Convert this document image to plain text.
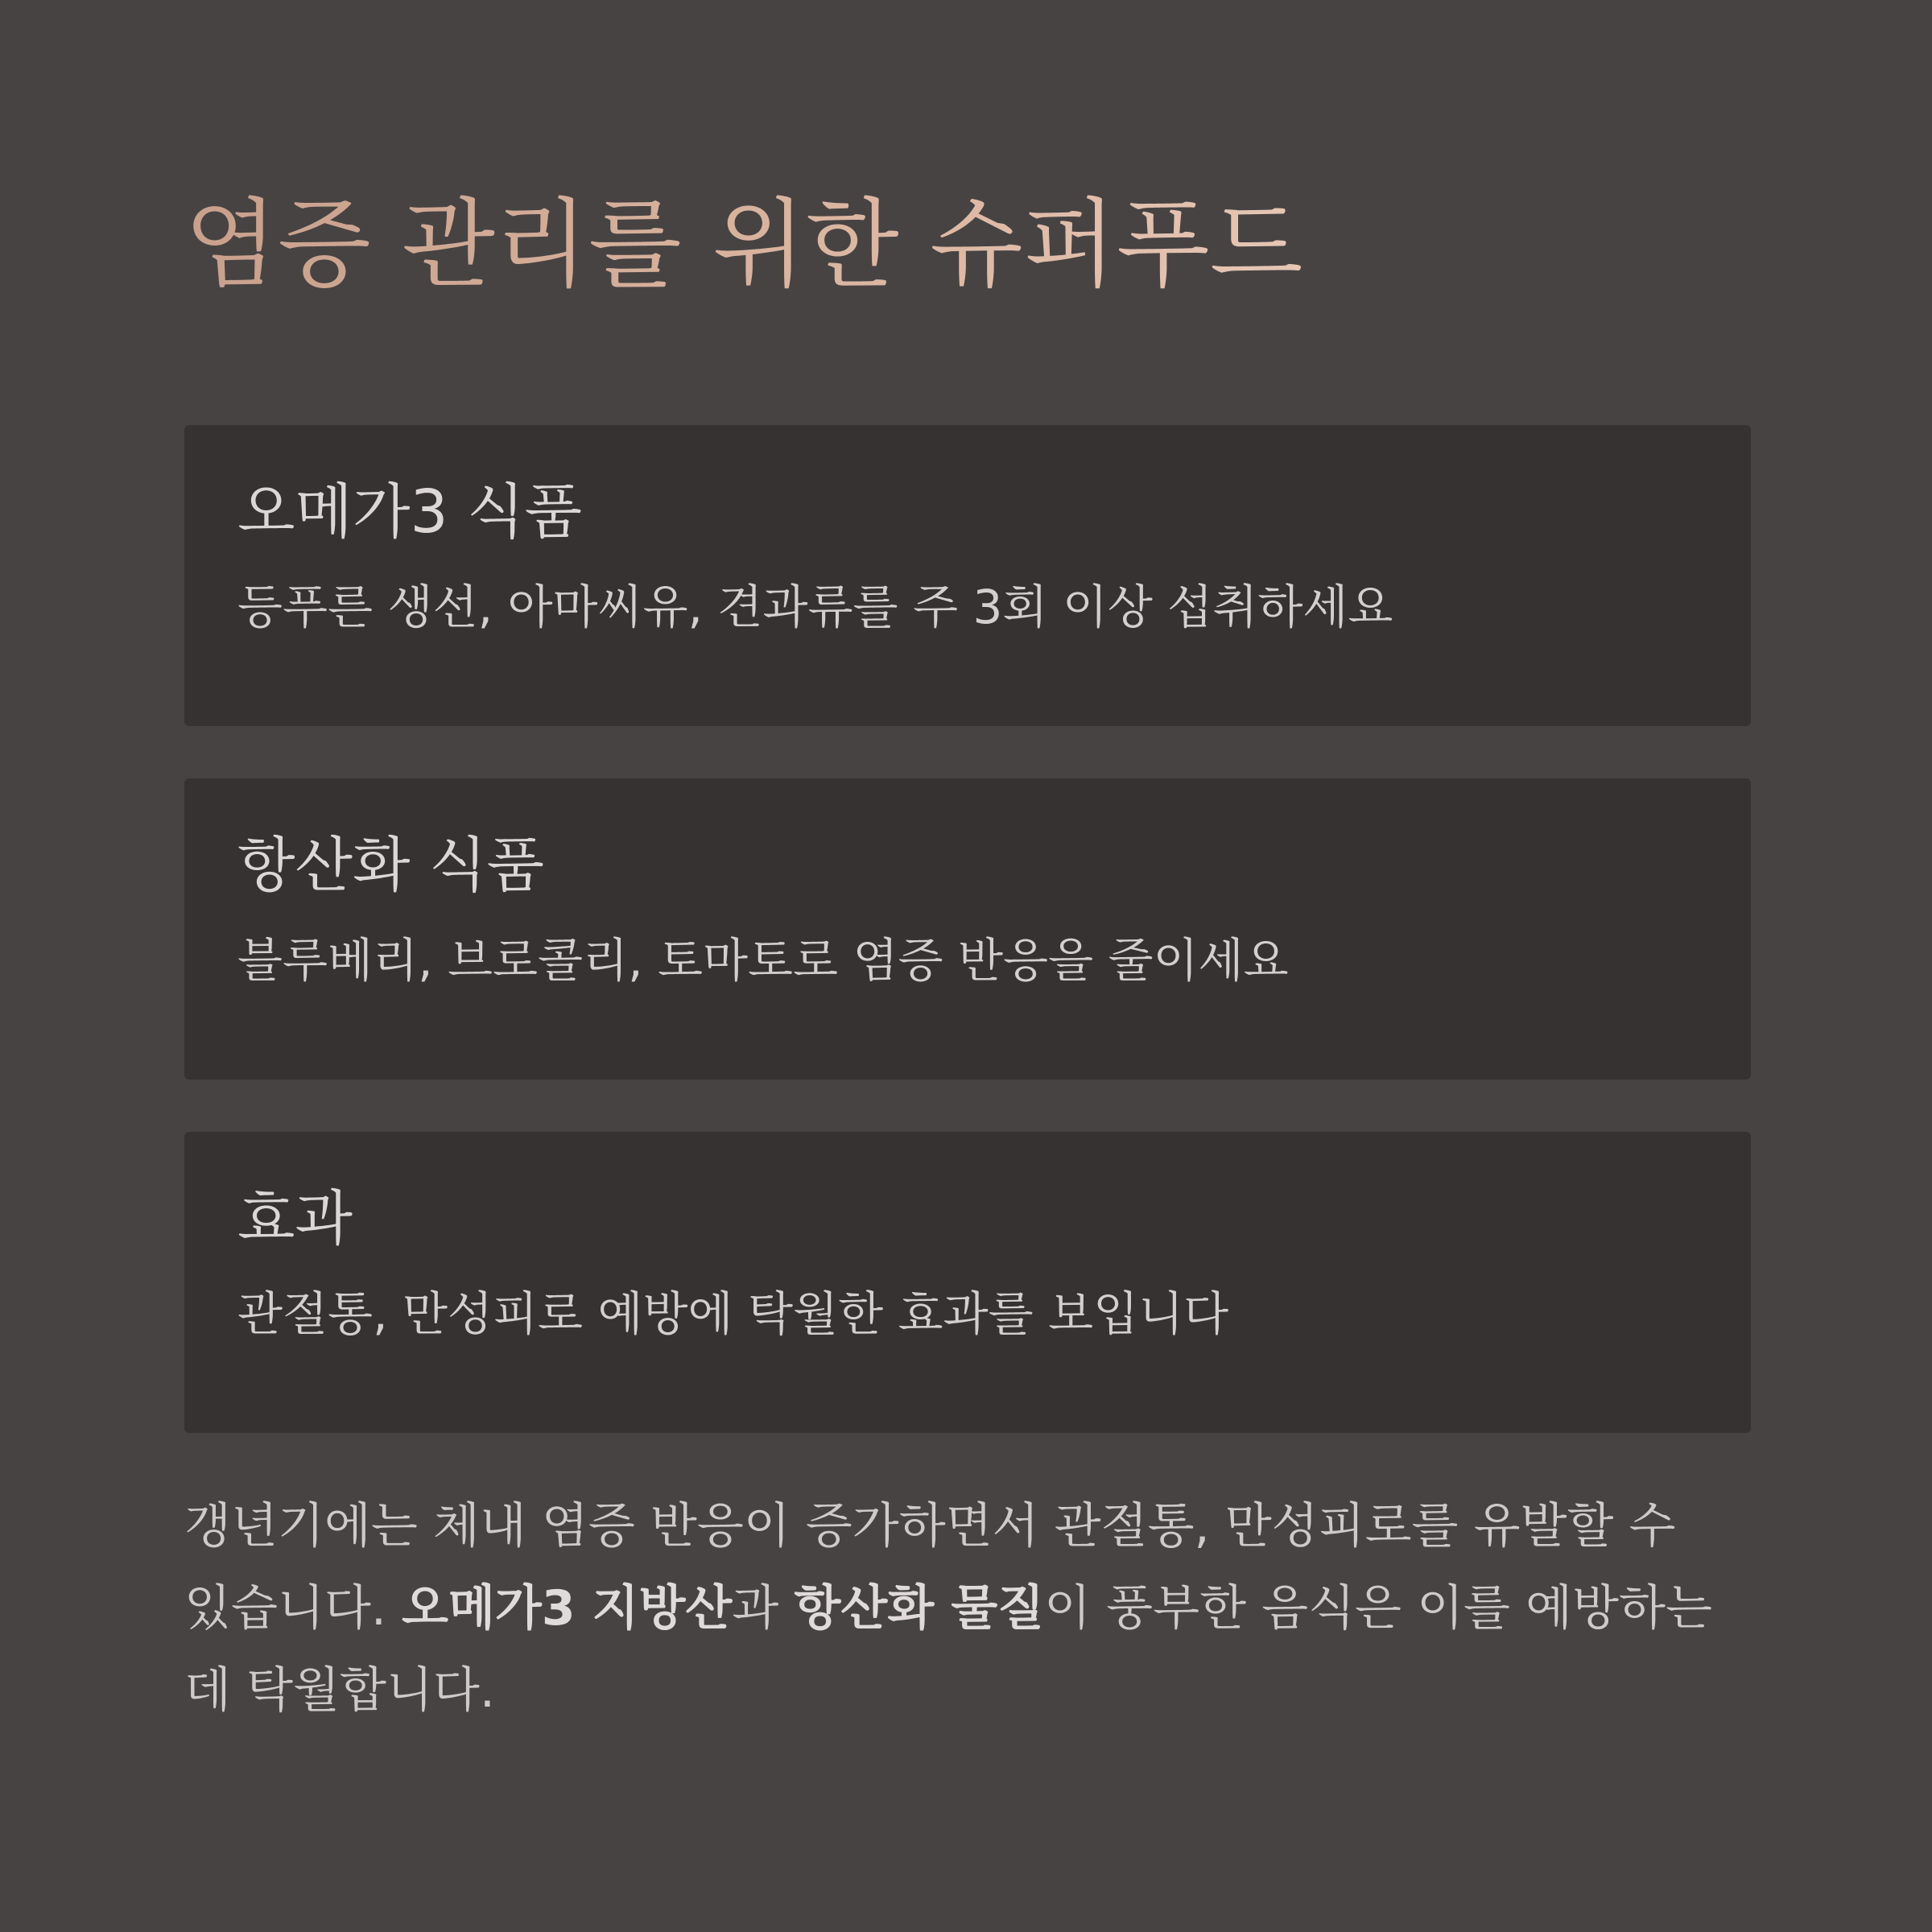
염증 관리를 위한 슈퍼푸드
오메가3 식품
등푸른 생선, 아마씨유, 견과류를 주 3회 이상 섭취하세요
항산화 식품
블루베리, 브로콜리, 토마토로 염증 반응을 줄이세요
효과
관절통, 만성피로 예방에 탁월한 효과를 보입니다
갱년기에는 체내 염증 반응이 증가하면서 관절통, 만성피로를 유발할 수
있습니다. 오메가3 지방산과 항산화 물질이 풍부한 음식은 이를 예방하는
데 탁월합니다.
